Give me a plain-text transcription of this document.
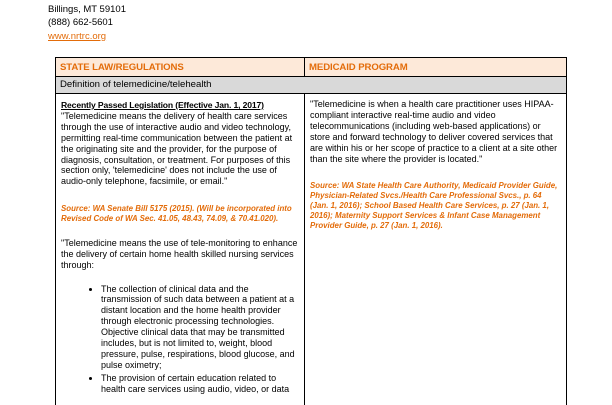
Billings, MT 59101
(888) 662-5601
www.nrtrc.org
STATE LAW/REGULATIONS	MEDICAID PROGRAM
Definition of telemedicine/telehealth	

Recently Passed Legislation (Effective Jan. 1, 2017)

"Telemedicine means the delivery of health care services through the use of interactive audio and video technology, permitting real-time communication between the patient at the originating site and the provider, for the purpose of diagnosis, consultation, or treatment. For purposes of this section only, 'telemedicine' does not include the use of audio-only telephone, facsimile, or email."

Source: WA Senate Bill 5175 (2015). (Will be incorporated into Revised Code of WA Sec. 41.05, 48.43, 74.09, & 70.41.020).

"Telemedicine means the use of tele-monitoring to enhance the delivery of certain home health skilled nursing services through:

• The collection of clinical data and the transmission of such data between a patient at a distant location and the home health provider through electronic processing technologies. Objective clinical data that may be transmitted includes, but is not limited to, weight, blood pressure, pulse, respirations, blood glucose, and pulse oximetry;
• The provision of certain education related to health care services using audio, video, or data

"Telemedicine is when a health care practitioner uses HIPAA-compliant interactive real-time audio and video telecommunications (including web-based applications) or store and forward technology to deliver covered services that are within his or her scope of practice to a client at a site other than the site where the provider is located."

Source: WA State Health Care Authority, Medicaid Provider Guide, Physician-Related Svcs./Health Care Professional Svcs., p. 64 (Jan. 1, 2016); School Based Health Care Services, p. 27 (Jan. 1, 2016); Maternity Support Services & Infant Case Management Provider Guide, p. 27 (Jan. 1, 2016).
